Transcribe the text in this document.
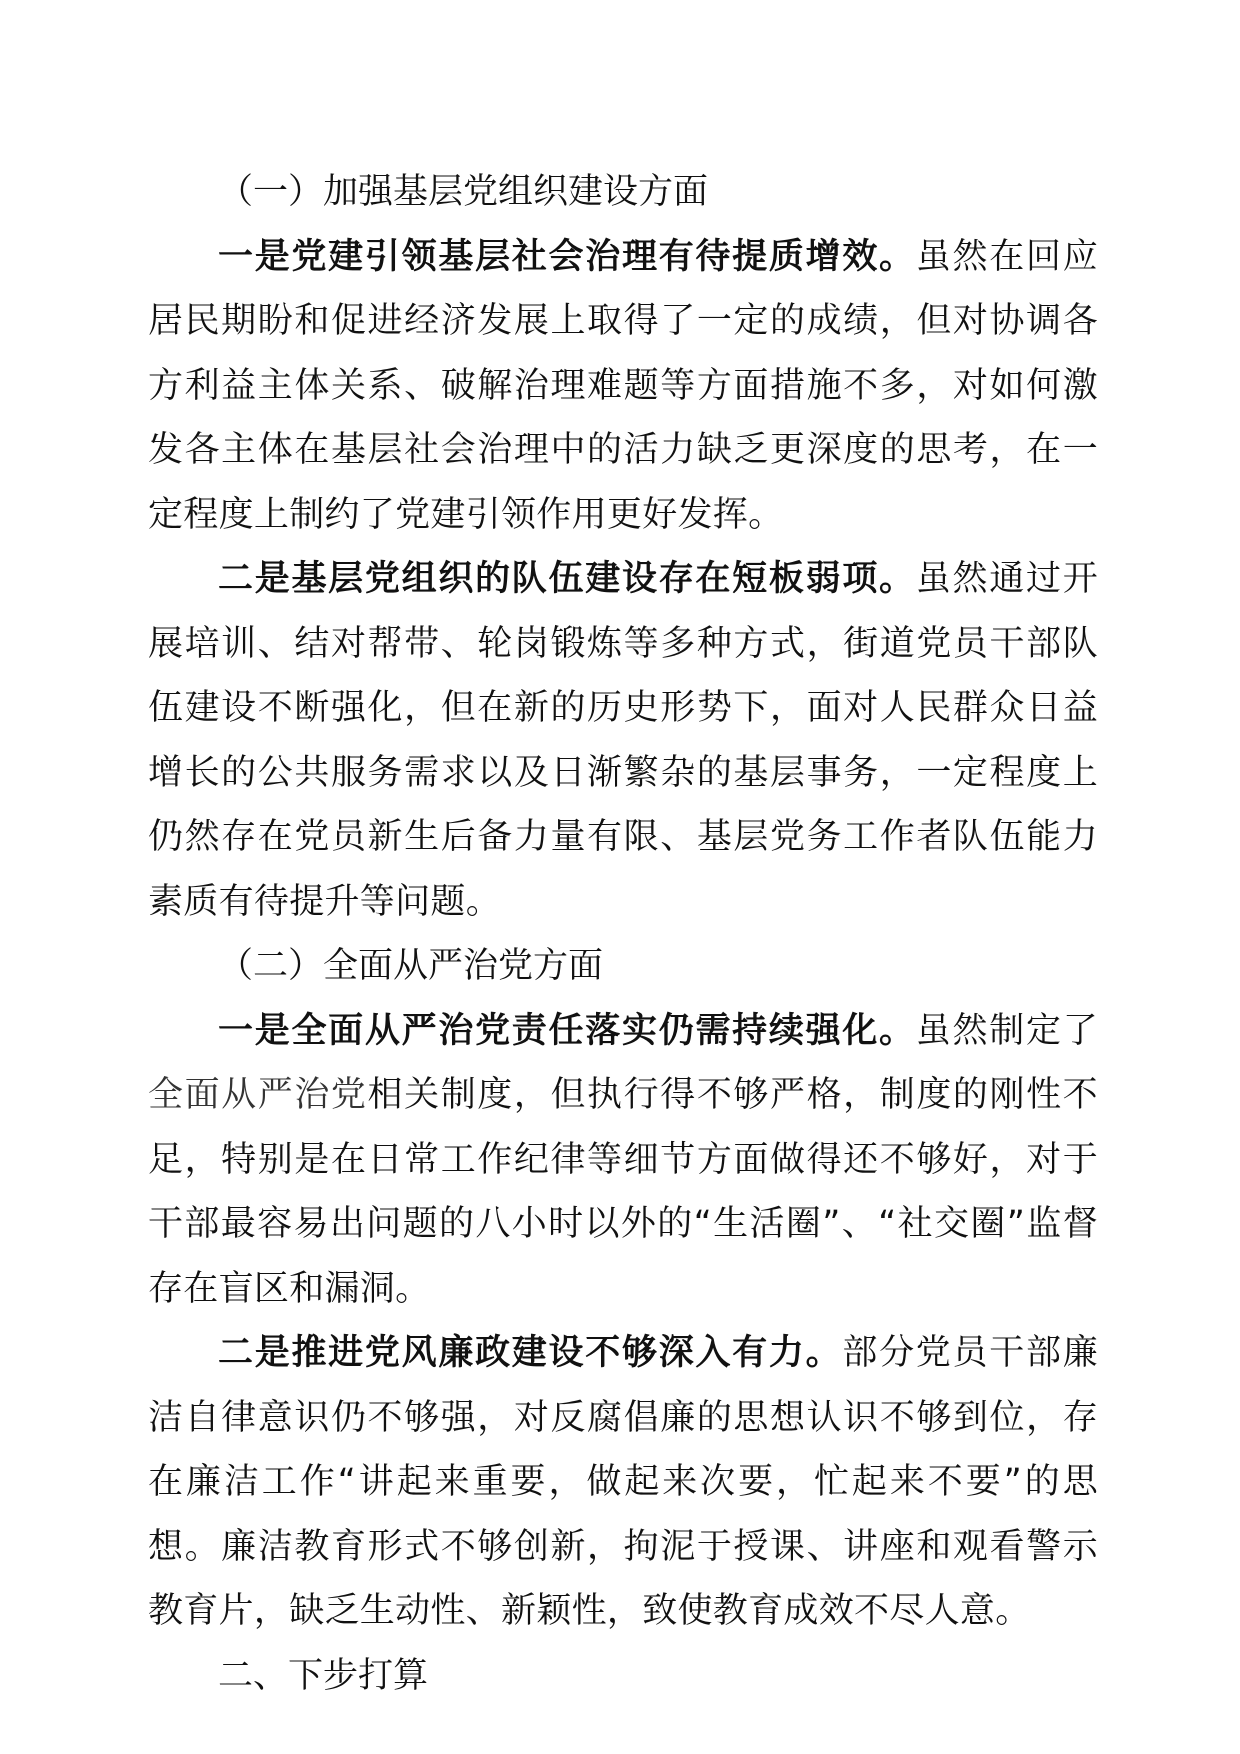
（一）加强基层党组织建设方面

一是党建引领基层社会治理有待提质增效。虽然在回应居民期盼和促进经济发展上取得了一定的成绩，但对协调各方利益主体关系、破解治理难题等方面措施不多，对如何激发各主体在基层社会治理中的活力缺乏更深度的思考，在一定程度上制约了党建引领作用更好发挥。

二是基层党组织的队伍建设存在短板弱项。虽然通过开展培训、结对帮带、轮岗锻炼等多种方式，街道党员干部队伍建设不断强化，但在新的历史形势下，面对人民群众日益增长的公共服务需求以及日渐繁杂的基层事务，一定程度上仍然存在党员新生后备力量有限、基层党务工作者队伍能力素质有待提升等问题。

（二）全面从严治党方面

一是全面从严治党责任落实仍需持续强化。虽然制定了全面从严治党相关制度，但执行得不够严格，制度的刚性不足，特别是在日常工作纪律等细节方面做得还不够好，对于干部最容易出问题的八小时以外的“生活圈”、“社交圈”监督存在盲区和漏洞。

二是推进党风廉政建设不够深入有力。部分党员干部廉洁自律意识仍不够强，对反腐倡廉的思想认识不够到位，存在廉洁工作“讲起来重要，做起来次要，忙起来不要”的思想。廉洁教育形式不够创新，拘泥于授课、讲座和观看警示教育片，缺乏生动性、新颖性，致使教育成效不尽人意。

二、下步打算
